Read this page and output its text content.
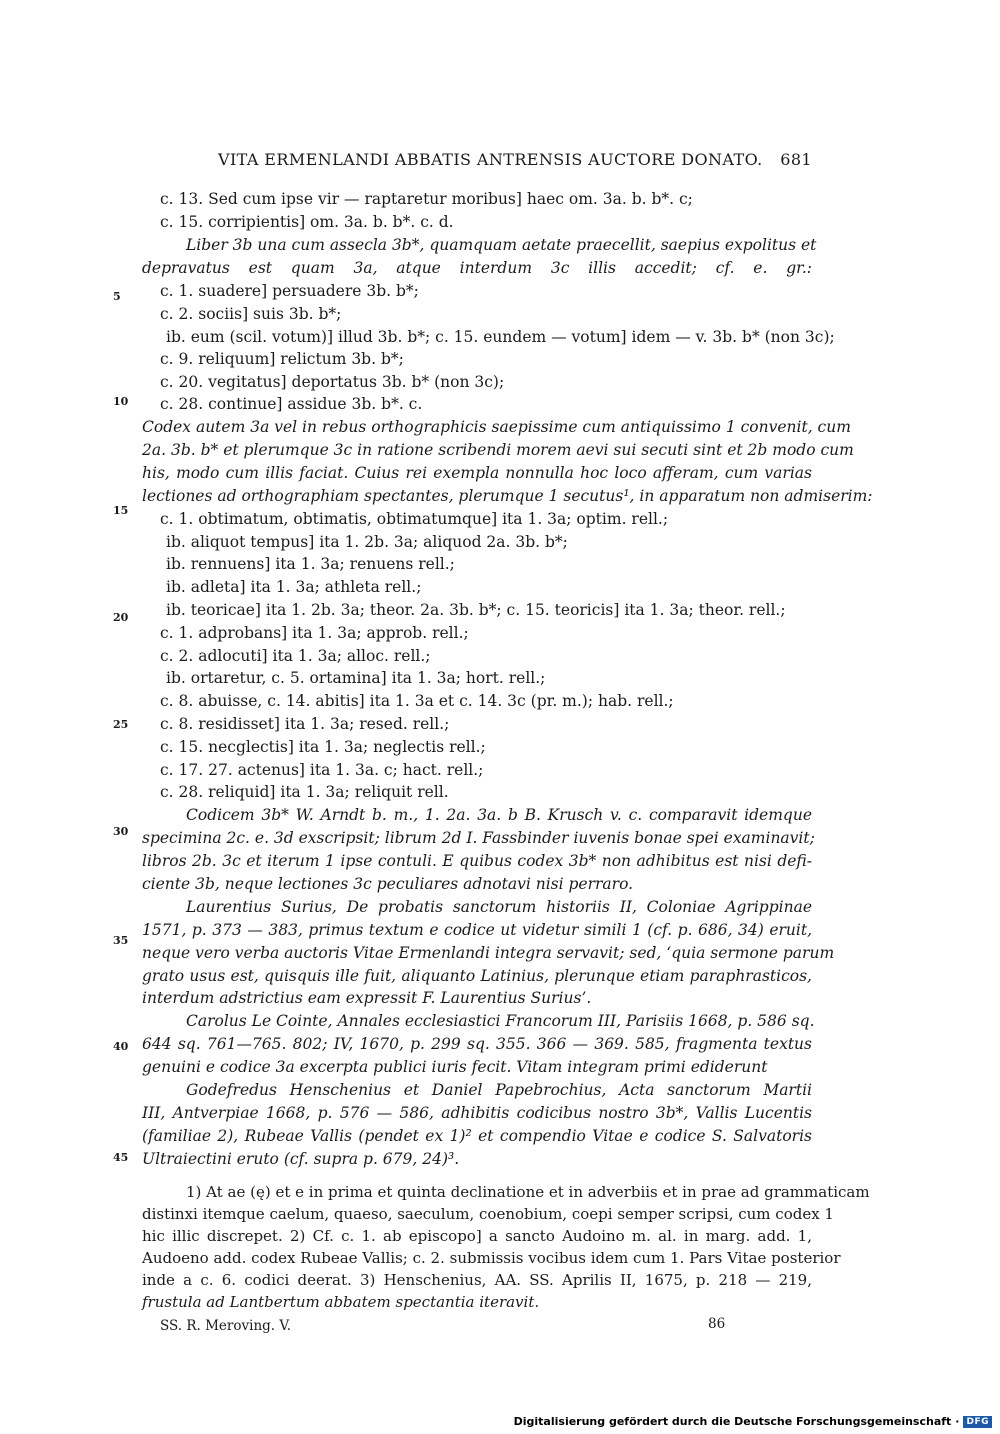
VITA ERMENLANDI ABBATIS ANTRENSIS AUCTORE DONATO. 681
5
10
15
20
25
30
35
40
45
c. 13. Sed cum ipse vir — raptaretur moribus] haec om. 3a. b. b*. c;
c. 15. corripientis] om. 3a. b. b*. c. d.
Liber 3b una cum assecla 3b*, quamquam aetate praecellit, saepius expolitus et
depravatus est quam 3a, atque interdum 3c illis accedit; cf. e. gr.:
c. 1. suadere] persuadere 3b. b*;
c. 2. sociis] suis 3b. b*;
ib. eum (scil. votum)] illud 3b. b*; c. 15. eundem — votum] idem — v. 3b. b* (non 3c);
c. 9. reliquum] relictum 3b. b*;
c. 20. vegitatus] deportatus 3b. b* (non 3c);
c. 28. continue] assidue 3b. b*. c.
Codex autem 3a vel in rebus orthographicis saepissime cum antiquissimo 1 convenit, cum
2a. 3b. b* et plerumque 3c in ratione scribendi morem aevi sui secuti sint et 2b modo cum
his, modo cum illis faciat. Cuius rei exempla nonnulla hoc loco afferam, cum varias
lectiones ad orthographiam spectantes, plerumque 1 secutus¹, in apparatum non admiserim:
c. 1. obtimatum, obtimatis, obtimatumque] ita 1. 3a; optim. rell.;
ib. aliquot tempus] ita 1. 2b. 3a; aliquod 2a. 3b. b*;
ib. rennuens] ita 1. 3a; renuens rell.;
ib. adleta] ita 1. 3a; athleta rell.;
ib. teoricae] ita 1. 2b. 3a; theor. 2a. 3b. b*; c. 15. teoricis] ita 1. 3a; theor. rell.;
c. 1. adprobans] ita 1. 3a; approb. rell.;
c. 2. adlocuti] ita 1. 3a; alloc. rell.;
ib. ortaretur, c. 5. ortamina] ita 1. 3a; hort. rell.;
c. 8. abuisse, c. 14. abitis] ita 1. 3a et c. 14. 3c (pr. m.); hab. rell.;
c. 8. residisset] ita 1. 3a; resed. rell.;
c. 15. necglectis] ita 1. 3a; neglectis rell.;
c. 17. 27. actenus] ita 1. 3a. c; hact. rell.;
c. 28. reliquid] ita 1. 3a; reliquit rell.
Codicem 3b* W. Arndt b. m., 1. 2a. 3a. b B. Krusch v. c. comparavit idemque
specimina 2c. e. 3d exscripsit; librum 2d I. Fassbinder iuvenis bonae spei examinavit;
libros 2b. 3c et iterum 1 ipse contuli. E quibus codex 3b* non adhibitus est nisi defi-
ciente 3b, neque lectiones 3c peculiares adnotavi nisi perraro.
Laurentius Surius, De probatis sanctorum historiis II, Coloniae Agrippinae
1571, p. 373 — 383, primus textum e codice ut videtur simili 1 (cf. p. 686, 34) eruit,
neque vero verba auctoris Vitae Ermenlandi integra servavit; sed, ‘quia sermone parum
grato usus est, quisquis ille fuit, aliquanto Latinius, plerunque etiam paraphrasticos,
interdum adstrictius eam expressit F. Laurentius Surius’.
Carolus Le Cointe, Annales ecclesiastici Francorum III, Parisiis 1668, p. 586 sq.
644 sq. 761—765. 802; IV, 1670, p. 299 sq. 355. 366 — 369. 585, fragmenta textus
genuini e codice 3a excerpta publici iuris fecit. Vitam integram primi ediderunt
Godefredus Henschenius et Daniel Papebrochius, Acta sanctorum Martii
III, Antverpiae 1668, p. 576 — 586, adhibitis codicibus nostro 3b*, Vallis Lucentis
(familiae 2), Rubeae Vallis (pendet ex 1)² et compendio Vitae e codice S. Salvatoris
Ultraiectini eruto (cf. supra p. 679, 24)³.
1) At ae (ę) et e in prima et quinta declinatione et in adverbiis et in prae ad grammaticam
distinxi itemque caelum, quaeso, saeculum, coenobium, coepi semper scripsi, cum codex 1
hic illic discrepet. 2) Cf. c. 1. ab episcopo] a sancto Audoino m. al. in marg. add. 1,
Audoeno add. codex Rubeae Vallis; c. 2. submissis vocibus idem cum 1. Pars Vitae posterior
inde a c. 6. codici deerat. 3) Henschenius, AA. SS. Aprilis II, 1675, p. 218 — 219,
frustula ad Lantbertum abbatem spectantia iteravit.
SS. R. Meroving. V.	86
Digitalisierung gefördert durch die Deutsche Forschungsgemeinschaft · DFG
